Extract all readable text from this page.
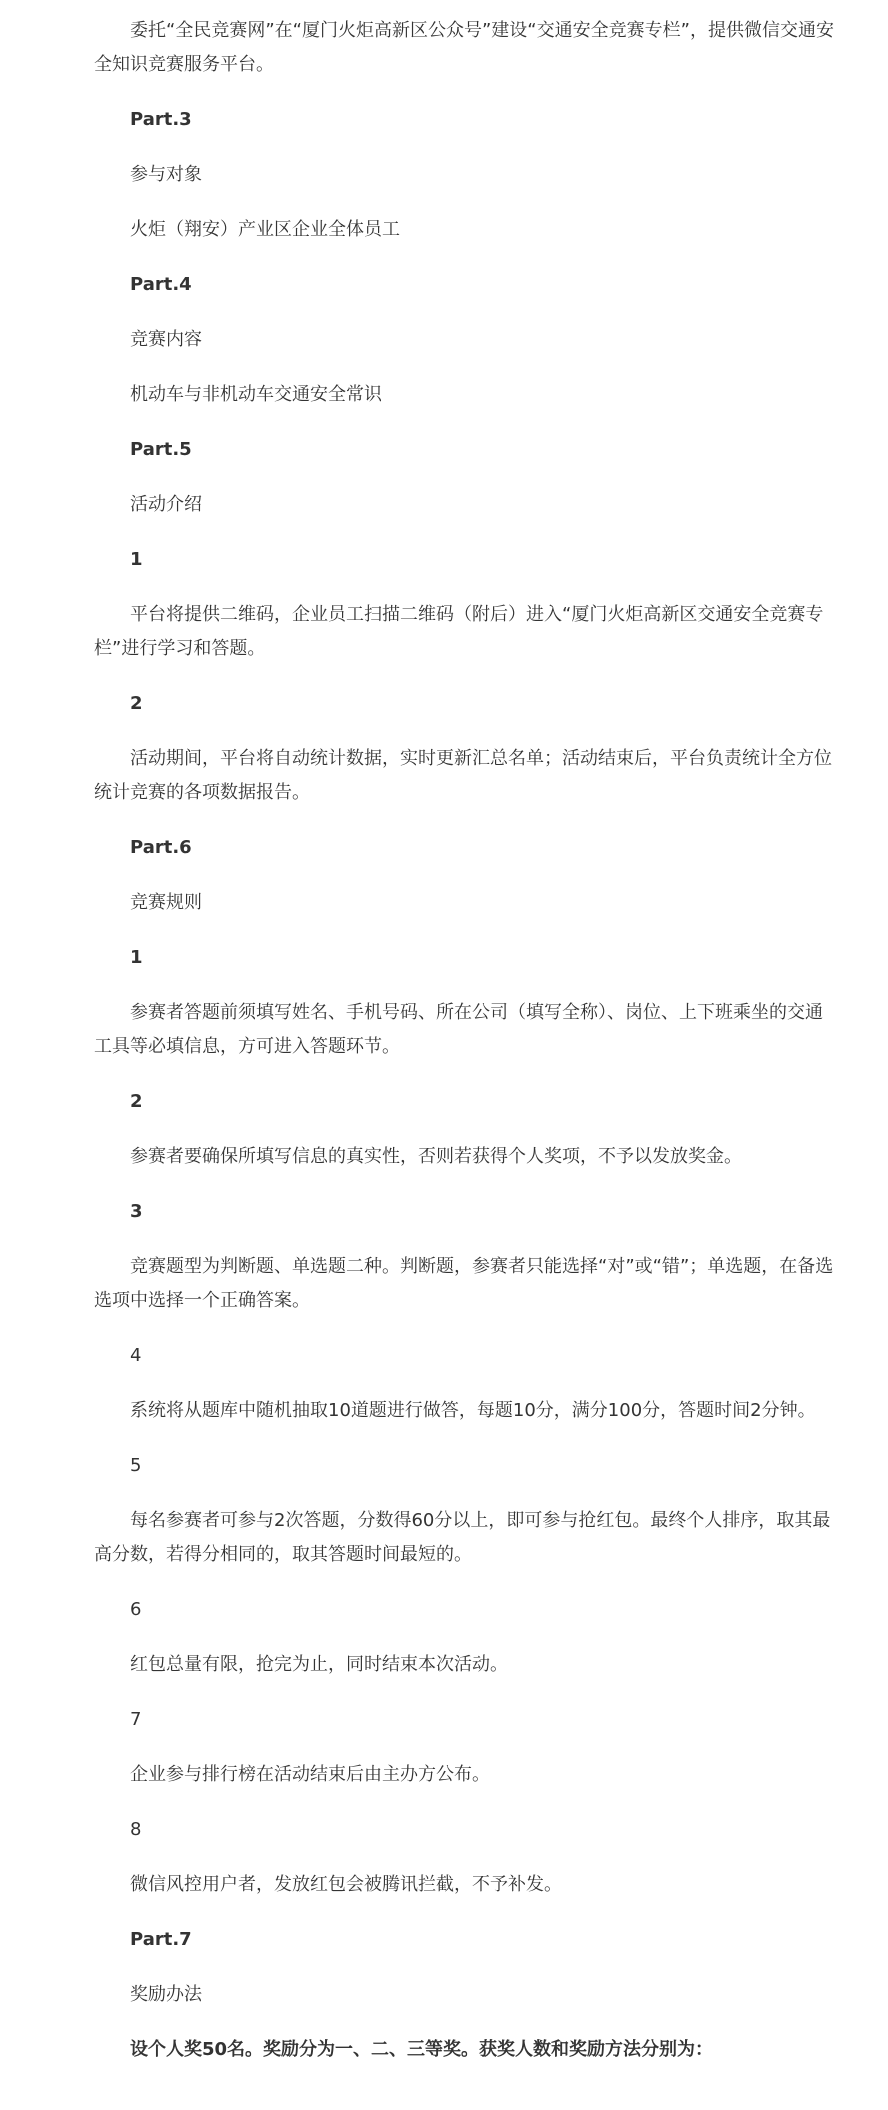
委托“全民竞赛网”在“厦门火炬高新区公众号”建设“交通安全竞赛专栏”，提供微信交通安全知识竞赛服务平台。

Part.3

参与对象

火炬（翔安）产业区企业全体员工

Part.4

竞赛内容

机动车与非机动车交通安全常识

Part.5

活动介绍

1

平台将提供二维码，企业员工扫描二维码（附后）进入“厦门火炬高新区交通安全竞赛专栏”进行学习和答题。

2

活动期间，平台将自动统计数据，实时更新汇总名单；活动结束后，平台负责统计全方位统计竞赛的各项数据报告。

Part.6

竞赛规则

1

参赛者答题前须填写姓名、手机号码、所在公司（填写全称）、岗位、上下班乘坐的交通工具等必填信息，方可进入答题环节。

2

参赛者要确保所填写信息的真实性，否则若获得个人奖项，不予以发放奖金。

3

竞赛题型为判断题、单选题二种。判断题，参赛者只能选择“对”或“错”；单选题，在备选选项中选择一个正确答案。

4

系统将从题库中随机抽取10道题进行做答，每题10分，满分100分，答题时间2分钟。

5

每名参赛者可参与2次答题，分数得60分以上，即可参与抢红包。最终个人排序，取其最高分数，若得分相同的，取其答题时间最短的。

6

红包总量有限，抢完为止，同时结束本次活动。

7

企业参与排行榜在活动结束后由主办方公布。

8

微信风控用户者，发放红包会被腾讯拦截，不予补发。

Part.7

奖励办法

设个人奖50名。奖励分为一、二、三等奖。获奖人数和奖励方法分别为：
